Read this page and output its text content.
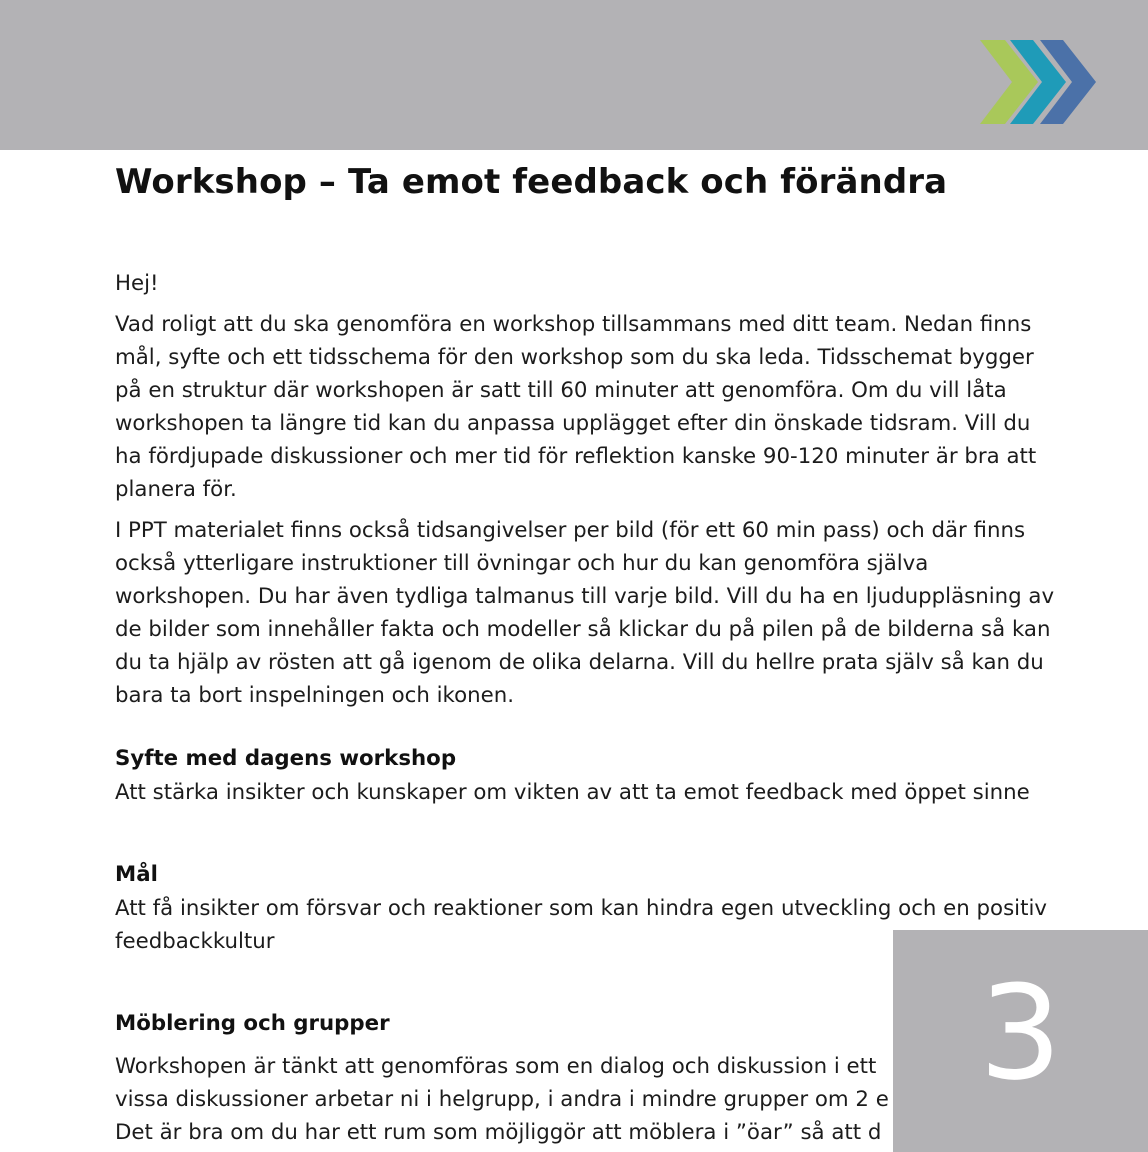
Workshop – Ta emot feedback och förändra

Hej!

Vad roligt att du ska genomföra en workshop tillsammans med ditt team. Nedan finns
mål, syfte och ett tidsschema för den workshop som du ska leda. Tidsschemat bygger
på en struktur där workshopen är satt till 60 minuter att genomföra. Om du vill låta
workshopen ta längre tid kan du anpassa upplägget efter din önskade tidsram. Vill du
ha fördjupade diskussioner och mer tid för reflektion kanske 90-120 minuter är bra att
planera för.
I PPT materialet finns också tidsangivelser per bild (för ett 60 min pass) och där finns
också ytterligare instruktioner till övningar och hur du kan genomföra själva
workshopen. Du har även tydliga talmanus till varje bild. Vill du ha en ljuduppläsning av
de bilder som innehåller fakta och modeller så klickar du på pilen på de bilderna så kan
du ta hjälp av rösten att gå igenom de olika delarna. Vill du hellre prata själv så kan du
bara ta bort inspelningen och ikonen.
Syfte med dagens workshop
Att stärka insikter och kunskaper om vikten av att ta emot feedback med öppet sinne
Mål
Att få insikter om försvar och reaktioner som kan hindra egen utveckling och en positiv
feedbackkultur
Möblering och grupper
Workshopen är tänkt att genomföras som en dialog och diskussion i ett
vissa diskussioner arbetar ni i helgrupp, i andra i mindre grupper om 2 e
Det är bra om du har ett rum som möjliggör att möblera i ”öar” så att d
3
